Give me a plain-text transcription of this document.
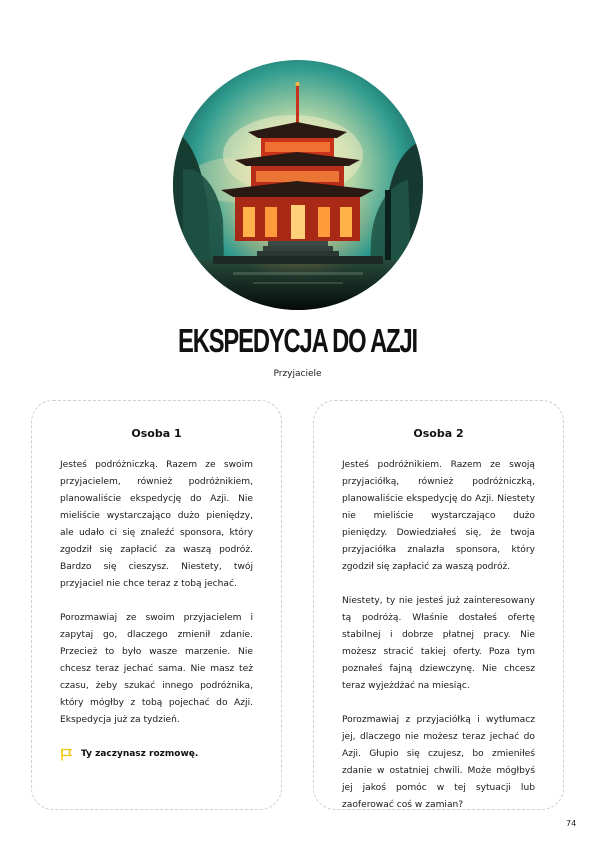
EKSPEDYCJA DO AZJI
Przyjaciele
Osoba 1

Jesteś podróżniczką. Razem ze swoim przyjacielem, również podróżnikiem, planowaliście ekspedycję do Azji. Nie mieliście wystarczająco dużo pieniędzy, ale udało ci się znaleźć sponsora, który zgodził się zapłacić za waszą podróż. Bardzo się cieszysz. Niestety, twój przyjaciel nie chce teraz z tobą jechać.

Porozmawiaj ze swoim przyjacielem i zapytaj go, dlaczego zmienił zdanie. Przecież to było wasze marzenie. Nie chcesz teraz jechać sama. Nie masz też czasu, żeby szukać innego podróżnika, który mógłby z tobą pojechać do Azji. Ekspedycja już za tydzień.

Ty zaczynasz rozmowę.
Osoba 2

Jesteś podróżnikiem. Razem ze swoją przyjaciółką, również podróżniczką, planowaliście ekspedycję do Azji. Niestety nie mieliście wystarczająco dużo pieniędzy. Dowiedziałeś się, że twoja przyjaciółka znalazła sponsora, który zgodził się zapłacić za waszą podróż.

Niestety, ty nie jesteś już zainteresowany tą podróżą. Właśnie dostałeś ofertę stabilnej i dobrze płatnej pracy. Nie możesz stracić takiej oferty. Poza tym poznałeś fajną dziewczynę. Nie chcesz teraz wyjeżdżać na miesiąc.

Porozmawiaj z przyjaciółką i wytłumacz jej, dlaczego nie możesz teraz jechać do Azji. Głupio się czujesz, bo zmieniłeś zdanie w ostatniej chwili. Może mógłbyś jej jakoś pomóc w tej sytuacji lub zaoferować coś w zamian?

74
